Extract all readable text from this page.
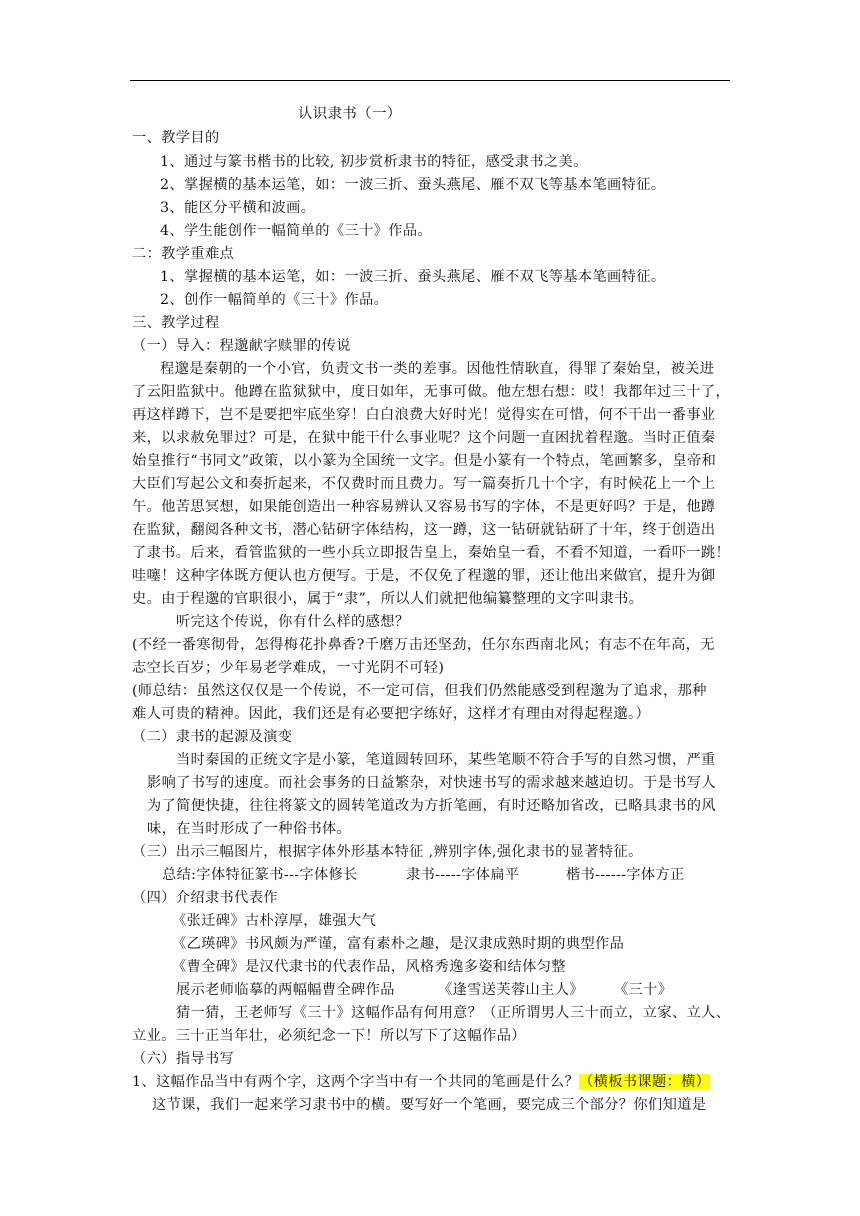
认识隶书（一）
一、教学目的
1、通过与篆书楷书的比较, 初步赏析隶书的特征，感受隶书之美。
2、掌握横的基本运笔，如：一波三折、蚕头燕尾、雁不双飞等基本笔画特征。
3、能区分平横和波画。
4、学生能创作一幅简单的《三十》作品。
二：教学重难点
1、掌握横的基本运笔，如：一波三折、蚕头燕尾、雁不双飞等基本笔画特征。
2、创作一幅简单的《三十》作品。
三、教学过程
（一）导入：程邈献字赎罪的传说
程邈是秦朝的一个小官，负责文书一类的差事。因他性情耿直，得罪了秦始皇，被关进
了云阳监狱中。他蹲在监狱狱中，度日如年，无事可做。他左想右想：哎！我都年过三十了，
再这样蹲下，岂不是要把牢底坐穿！白白浪费大好时光！觉得实在可惜，何不干出一番事业
来，以求赦免罪过？可是，在狱中能干什么事业呢？这个问题一直困扰着程邈。当时正值秦
始皇推行“书同文”政策，以小篆为全国统一文字。但是小篆有一个特点，笔画繁多，皇帝和
大臣们写起公文和奏折起来，不仅费时而且费力。写一篇奏折几十个字，有时候花上一个上
午。他苦思冥想，如果能创造出一种容易辨认又容易书写的字体，不是更好吗？于是，他蹲
在监狱，翻阅各种文书，潜心钻研字体结构，这一蹲，这一钻研就钻研了十年，终于创造出
了隶书。后来，看管监狱的一些小兵立即报告皇上，秦始皇一看，不看不知道，一看吓一跳！
哇噻！这种字体既方便认也方便写。于是，不仅免了程邈的罪，还让他出来做官，提升为御
史。由于程邈的官职很小，属于“隶”，所以人们就把他编纂整理的文字叫隶书。
听完这个传说，你有什么样的感想？
(不经一番寒彻骨，怎得梅花扑鼻香?千磨万击还坚劲，任尔东西南北风；有志不在年高，无
志空长百岁；少年易老学难成，一寸光阴不可轻)
(师总结：虽然这仅仅是一个传说，不一定可信，但我们仍然能感受到程邈为了追求，那种
难人可贵的精神。因此，我们还是有必要把字练好，这样才有理由对得起程邈。）
（二）隶书的起源及演变
当时秦国的正统文字是小篆，笔道圆转回环，某些笔顺不符合手写的自然习惯，严重
影响了书写的速度。而社会事务的日益繁杂，对快速书写的需求越来越迫切。于是书写人
为了简便快捷，往往将篆文的圆转笔道改为方折笔画，有时还略加省改，已略具隶书的风
味，在当时形成了一种俗书体。
（三）出示三幅图片，根据字体外形基本特征 ,辨别字体,强化隶书的显著特征。
总结:字体特征篆书---字体修长	隶书-----字体扁平	楷书------字体方正
（四）介绍隶书代表作
《张迁碑》古朴淳厚，雄强大气
《乙瑛碑》书风颇为严谨，富有素朴之趣，是汉隶成熟时期的典型作品
《曹全碑》是汉代隶书的代表作品，风格秀逸多姿和结体匀整
展示老师临摹的两幅幅曹全碑作品	《逢雪送芙蓉山主人》 《三十》
猜一猜，王老师写《三十》这幅作品有何用意？（正所谓男人三十而立，立家、立人、
立业。三十正当年壮，必须纪念一下！所以写下了这幅作品）
（六）指导书写
1、这幅作品当中有两个字，这两个字当中有一个共同的笔画是什么？（横板书课题：横）
这节课，我们一起来学习隶书中的横。要写好一个笔画，要完成三个部分？你们知道是
